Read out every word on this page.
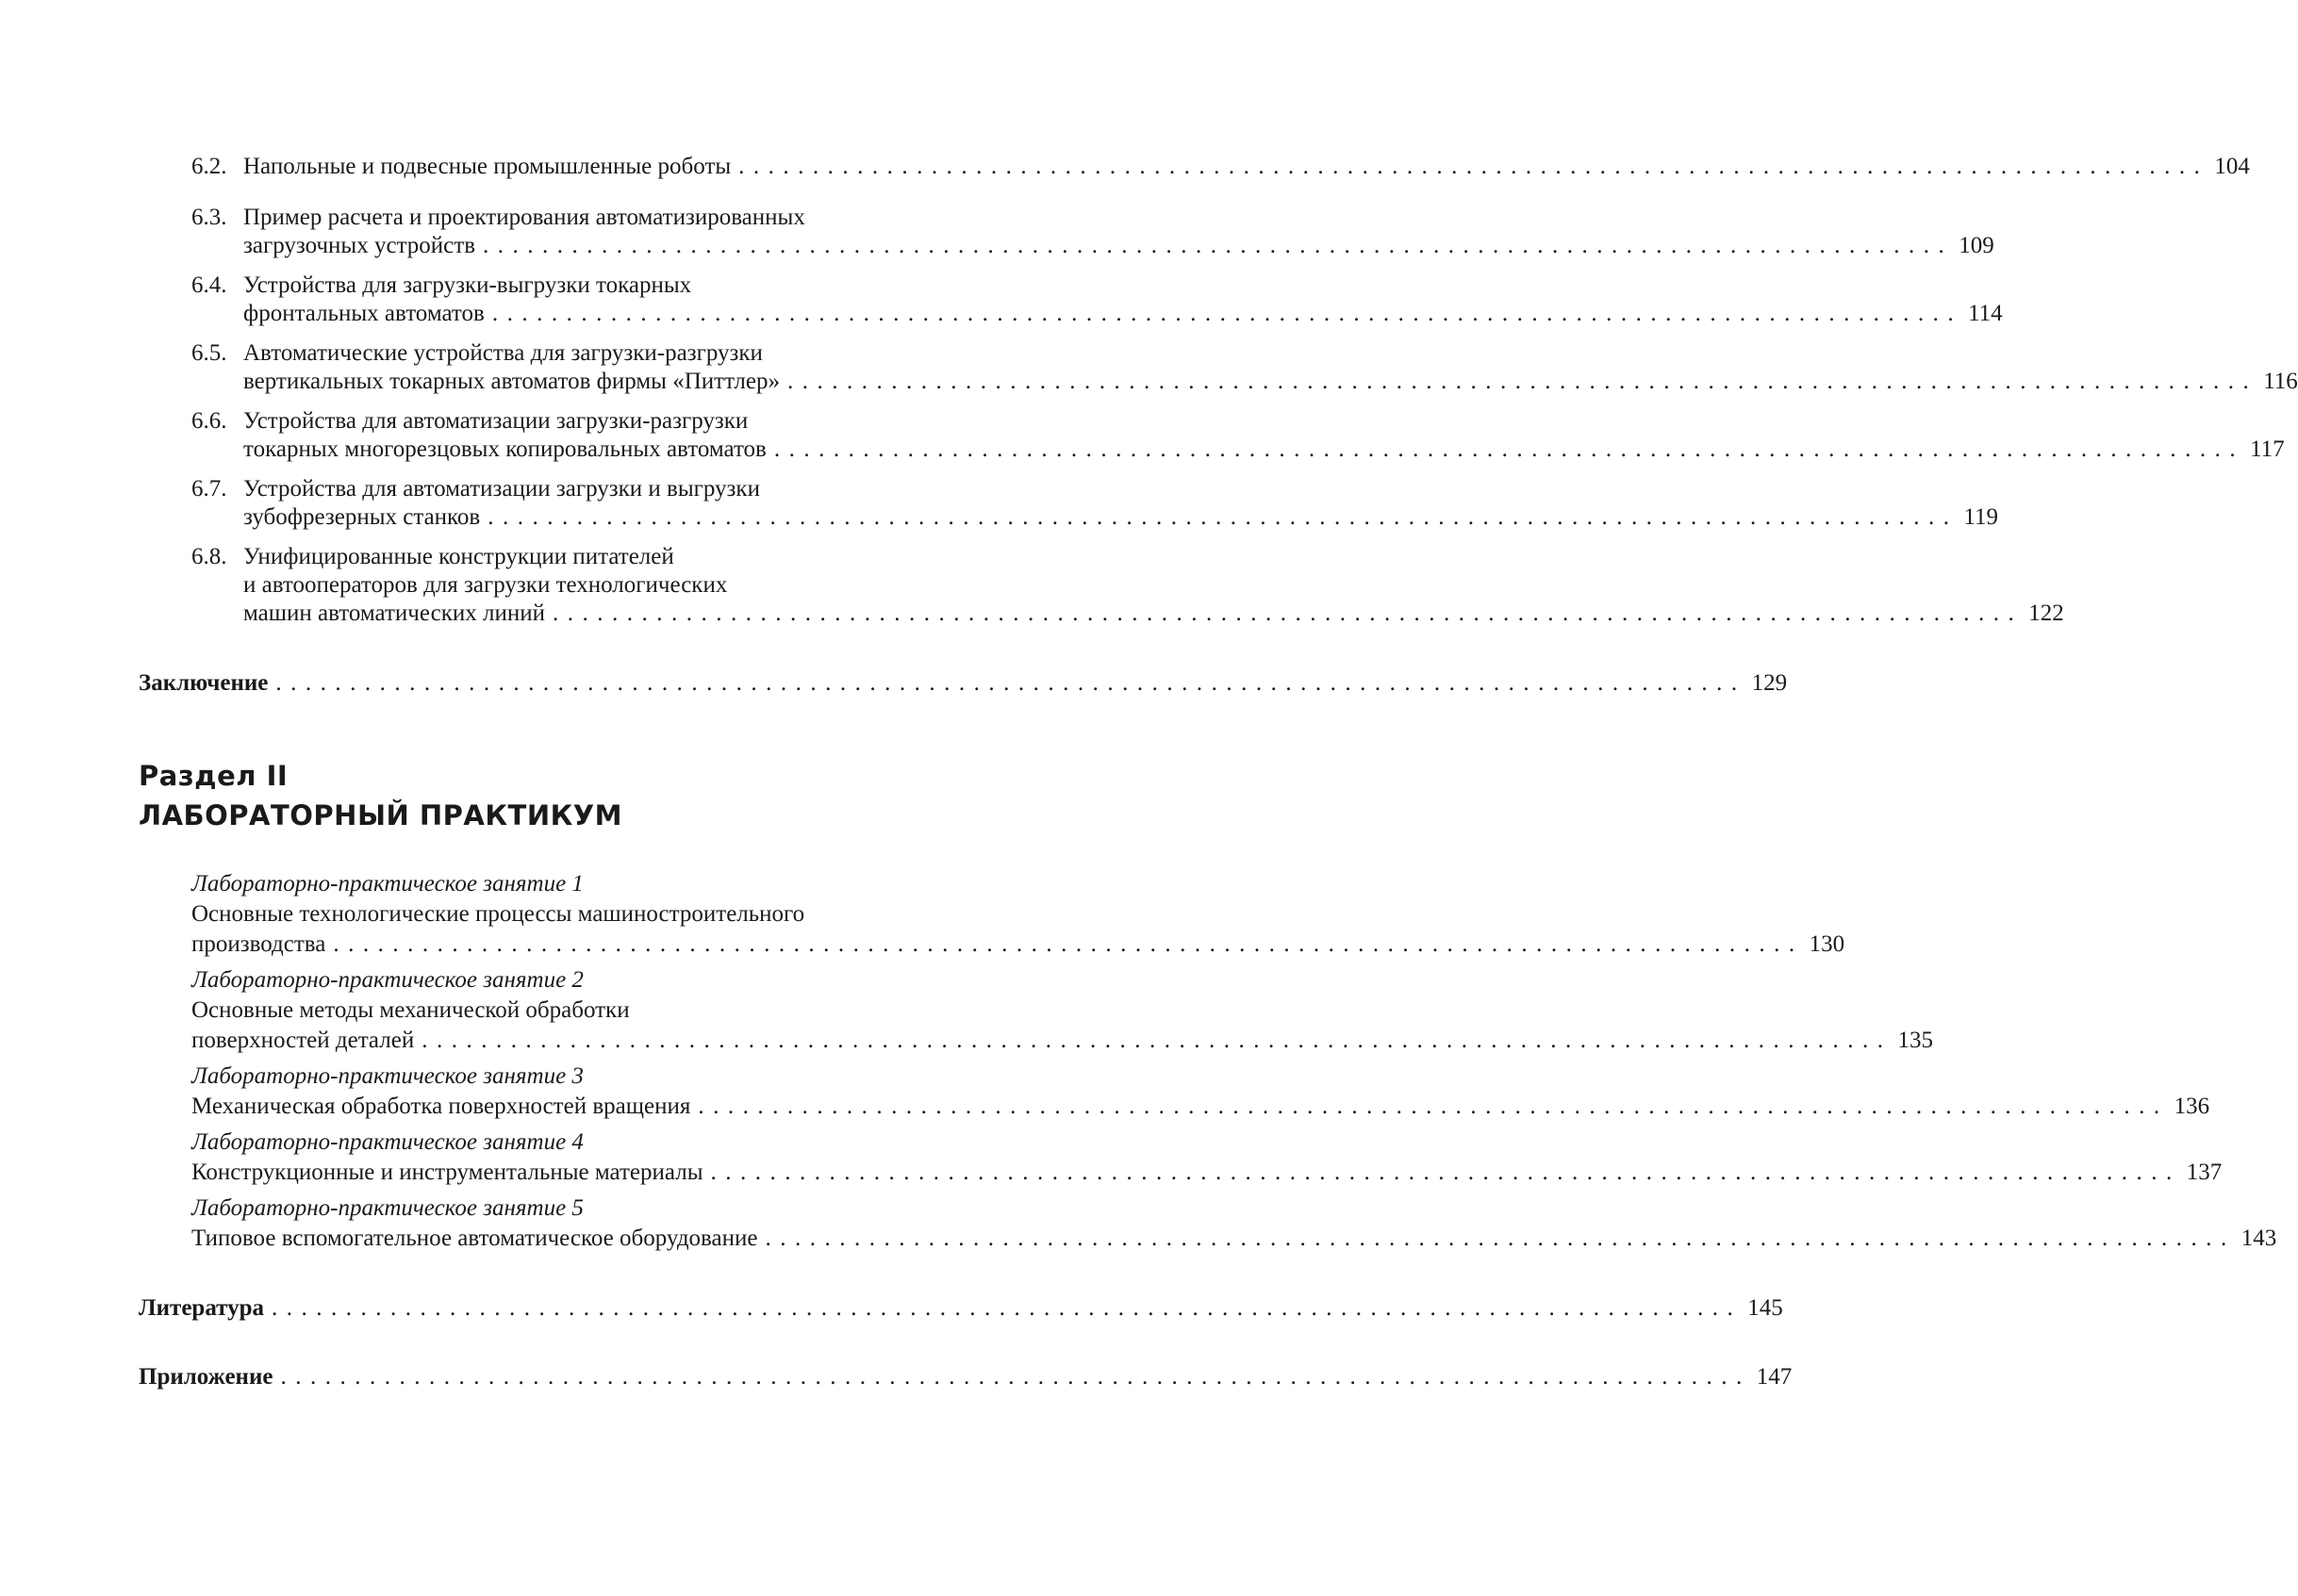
6.2. Напольные и подвесные промышленные роботы ................................................................................................... 104
6.3. Пример расчета и проектирования автоматизированных
загрузочных устройств ................................................................................................... 109
6.4. Устройства для загрузки-выгрузки токарных
фронтальных автоматов ................................................................................................... 114
6.5. Автоматические устройства для загрузки-разгрузки
вертикальных токарных автоматов фирмы «Питтлер» ................................................................................................... 116
6.6. Устройства для автоматизации загрузки-разгрузки
токарных многорезцовых копировальных автоматов ................................................................................................... 117
6.7. Устройства для автоматизации загрузки и выгрузки
зубофрезерных станков ................................................................................................... 119
6.8. Унифицированные конструкции питателей
и автооператоров для загрузки технологических
машин автоматических линий ................................................................................................... 122
Заключение ................................................................................................... 129
Раздел II
ЛАБОРАТОРНЫЙ ПРАКТИКУМ
Лабораторно-практическое занятие 1
Основные технологические процессы машиностроительного
производства ................................................................................................... 130
Лабораторно-практическое занятие 2
Основные методы механической обработки
поверхностей деталей ................................................................................................... 135
Лабораторно-практическое занятие 3
Механическая обработка поверхностей вращения ................................................................................................... 136
Лабораторно-практическое занятие 4
Конструкционные и инструментальные материалы ................................................................................................... 137
Лабораторно-практическое занятие 5
Типовое вспомогательное автоматическое оборудование ................................................................................................... 143
Литература ................................................................................................... 145
Приложение ................................................................................................... 147
